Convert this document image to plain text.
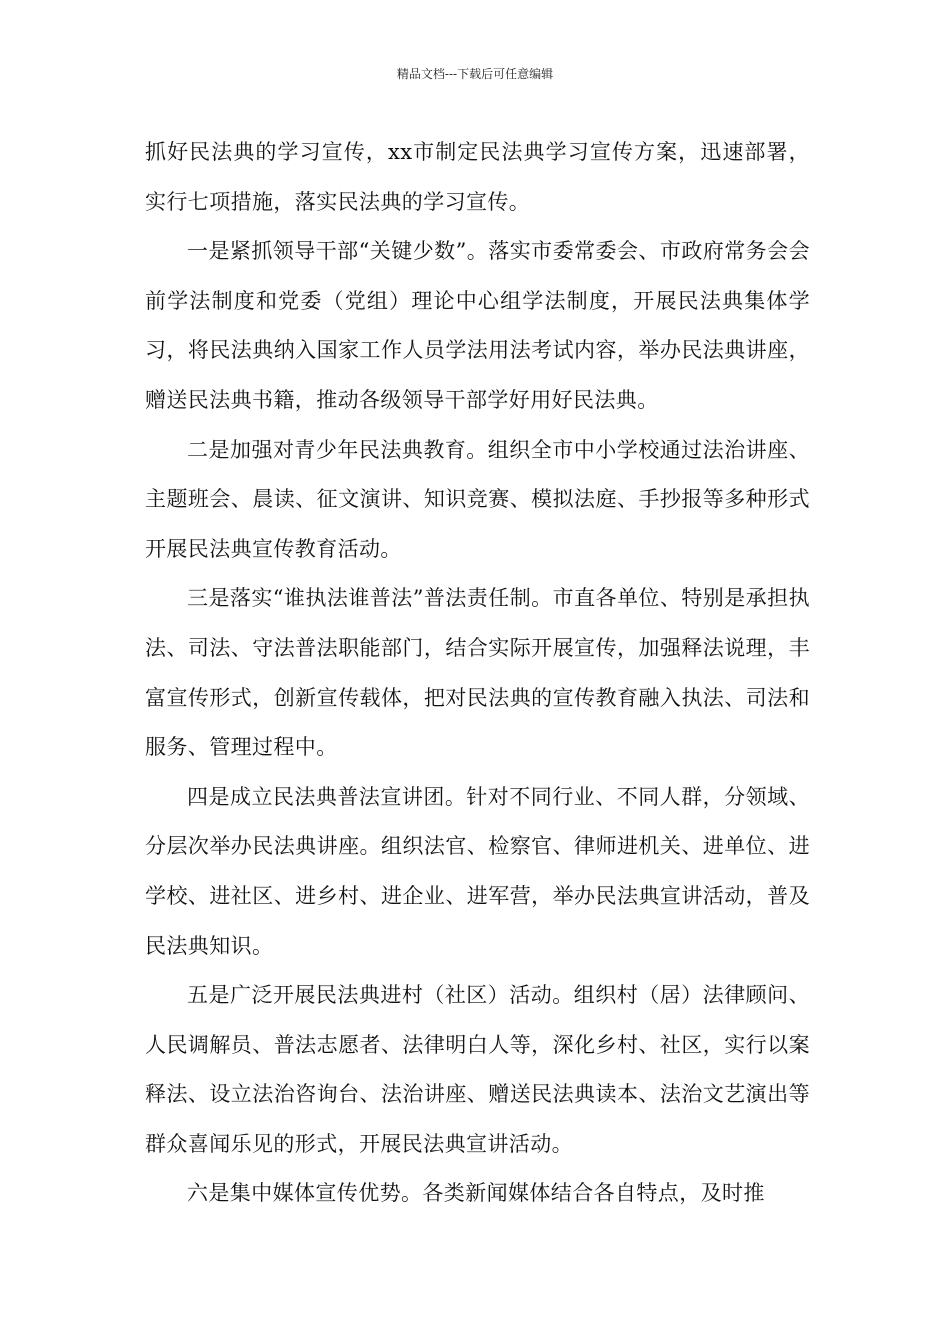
精品文档---下载后可任意编辑

抓好民法典的学习宣传，xx市制定民法典学习宣传方案，迅速部署，实行七项措施，落实民法典的学习宣传。

一是紧抓领导干部“关键少数”。落实市委常委会、市政府常务会会前学法制度和党委（党组）理论中心组学法制度，开展民法典集体学习，将民法典纳入国家工作人员学法用法考试内容，举办民法典讲座，赠送民法典书籍，推动各级领导干部学好用好民法典。

二是加强对青少年民法典教育。组织全市中小学校通过法治讲座、主题班会、晨读、征文演讲、知识竞赛、模拟法庭、手抄报等多种形式开展民法典宣传教育活动。

三是落实“谁执法谁普法”普法责任制。市直各单位、特别是承担执法、司法、守法普法职能部门，结合实际开展宣传，加强释法说理，丰富宣传形式，创新宣传载体，把对民法典的宣传教育融入执法、司法和服务、管理过程中。

四是成立民法典普法宣讲团。针对不同行业、不同人群，分领域、分层次举办民法典讲座。组织法官、检察官、律师进机关、进单位、进学校、进社区、进乡村、进企业、进军营，举办民法典宣讲活动，普及民法典知识。

五是广泛开展民法典进村（社区）活动。组织村（居）法律顾问、人民调解员、普法志愿者、法律明白人等，深化乡村、社区，实行以案释法、设立法治咨询台、法治讲座、赠送民法典读本、法治文艺演出等群众喜闻乐见的形式，开展民法典宣讲活动。

六是集中媒体宣传优势。各类新闻媒体结合各自特点，及时推
